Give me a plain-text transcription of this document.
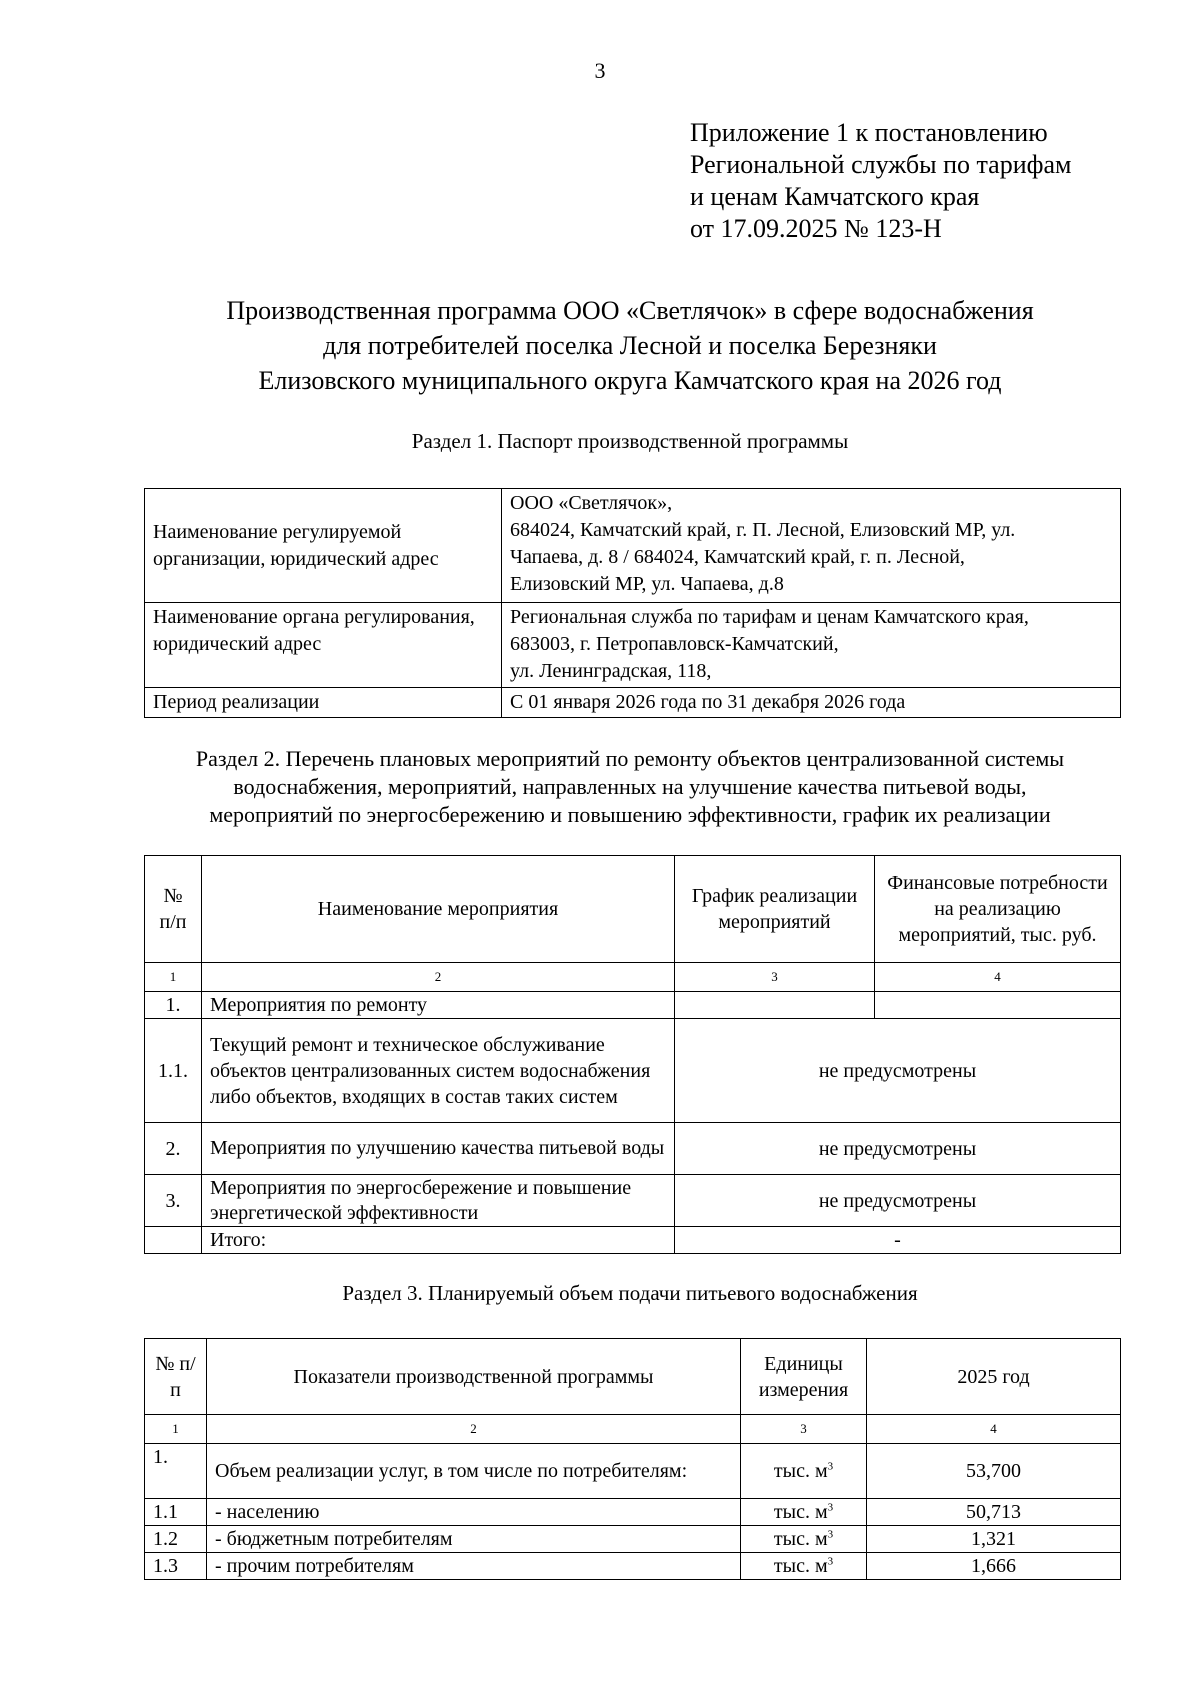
3
Приложение 1 к постановлению
Региональной службы по тарифам
и ценам Камчатского края
от 17.09.2025 № 123-Н
Производственная программа ООО «Светлячок» в сфере водоснабжения
для потребителей поселка Лесной и поселка Березняки
Елизовского муниципального округа Камчатского края на 2026 год
Раздел 1. Паспорт производственной программы
Наименование регулируемой организации, юридический адрес	ООО «Светлячок»,
684024, Камчатский край, г. П. Лесной, Елизовский МР, ул.
Чапаева, д. 8 / 684024, Камчатский край, г. п. Лесной,
Елизовский МР, ул. Чапаева, д.8

Наименование органа регулирования, юридический адрес	Региональная служба по тарифам и ценам Камчатского края,
683003, г. Петропавловск-Камчатский,
ул. Ленинградская, 118,

Период реализации	С 01 января 2026 года по 31 декабря 2026 года
Раздел 2. Перечень плановых мероприятий по ремонту объектов централизованной системы
водоснабжения, мероприятий, направленных на улучшение качества питьевой воды,
мероприятий по энергосбережению и повышению эффективности, график их реализации
№ п/п	Наименование мероприятия	График реализации мероприятий	Финансовые потребности на реализацию мероприятий, тыс. руб.
1	2	3	4
1.	Мероприятия по ремонту		
1.1.	Текущий ремонт и техническое обслуживание объектов централизованных систем водоснабжения либо объектов, входящих в состав таких систем	не предусмотрены	
2.	Мероприятия по улучшению качества питьевой воды	не предусмотрены	
3.	Мероприятия по энергосбережение и повышение энергетической эффективности	не предусмотрены	
	Итого:	-	
Раздел 3. Планируемый объем подачи питьевого водоснабжения
№ п/п	Показатели производственной программы	Единицы измерения	2025 год
1	2	3	4
1.	Объем реализации услуг, в том числе по потребителям:	тыс. $м^3$	53,700
1.1	- населению	тыс. $м^3$	50,713
1.2	- бюджетным потребителям	тыс. $м^3$	1,321
1.3	- прочим потребителям	тыс. $м^3$	1,666
